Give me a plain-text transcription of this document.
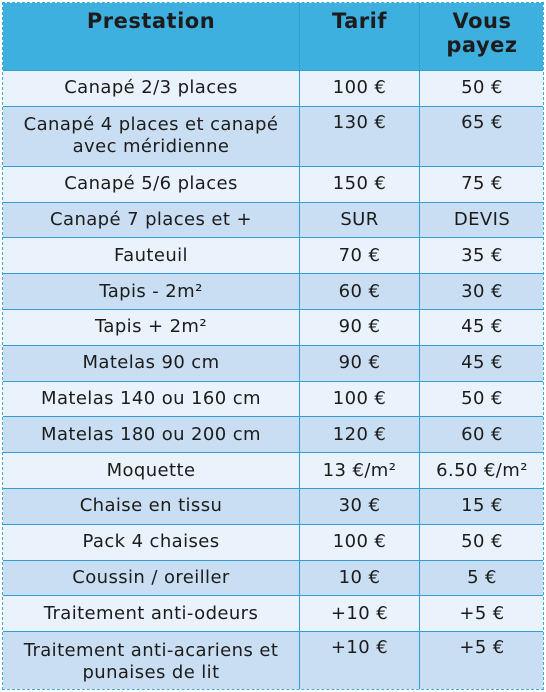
Prestation	Tarif	Vous payez
Canapé 2/3 places	100 €	50 €
Canapé 4 places et canapé avec méridienne	130 €	65 €
Canapé 5/6 places	150 €	75 €
Canapé 7 places et +	SUR	DEVIS
Fauteuil	70 €	35 €
Tapis - 2m²	60 €	30 €
Tapis + 2m²	90 €	45 €
Matelas 90 cm	90 €	45 €
Matelas 140 ou 160 cm	100 €	50 €
Matelas 180 ou 200 cm	120 €	60 €
Moquette	13 €/m²	6.50 €/m²
Chaise en tissu	30 €	15 €
Pack 4 chaises	100 €	50 €
Coussin / oreiller	10 €	5 €
Traitement anti-odeurs	+10 €	+5 €
Traitement anti-acariens et punaises de lit	+10 €	+5 €
